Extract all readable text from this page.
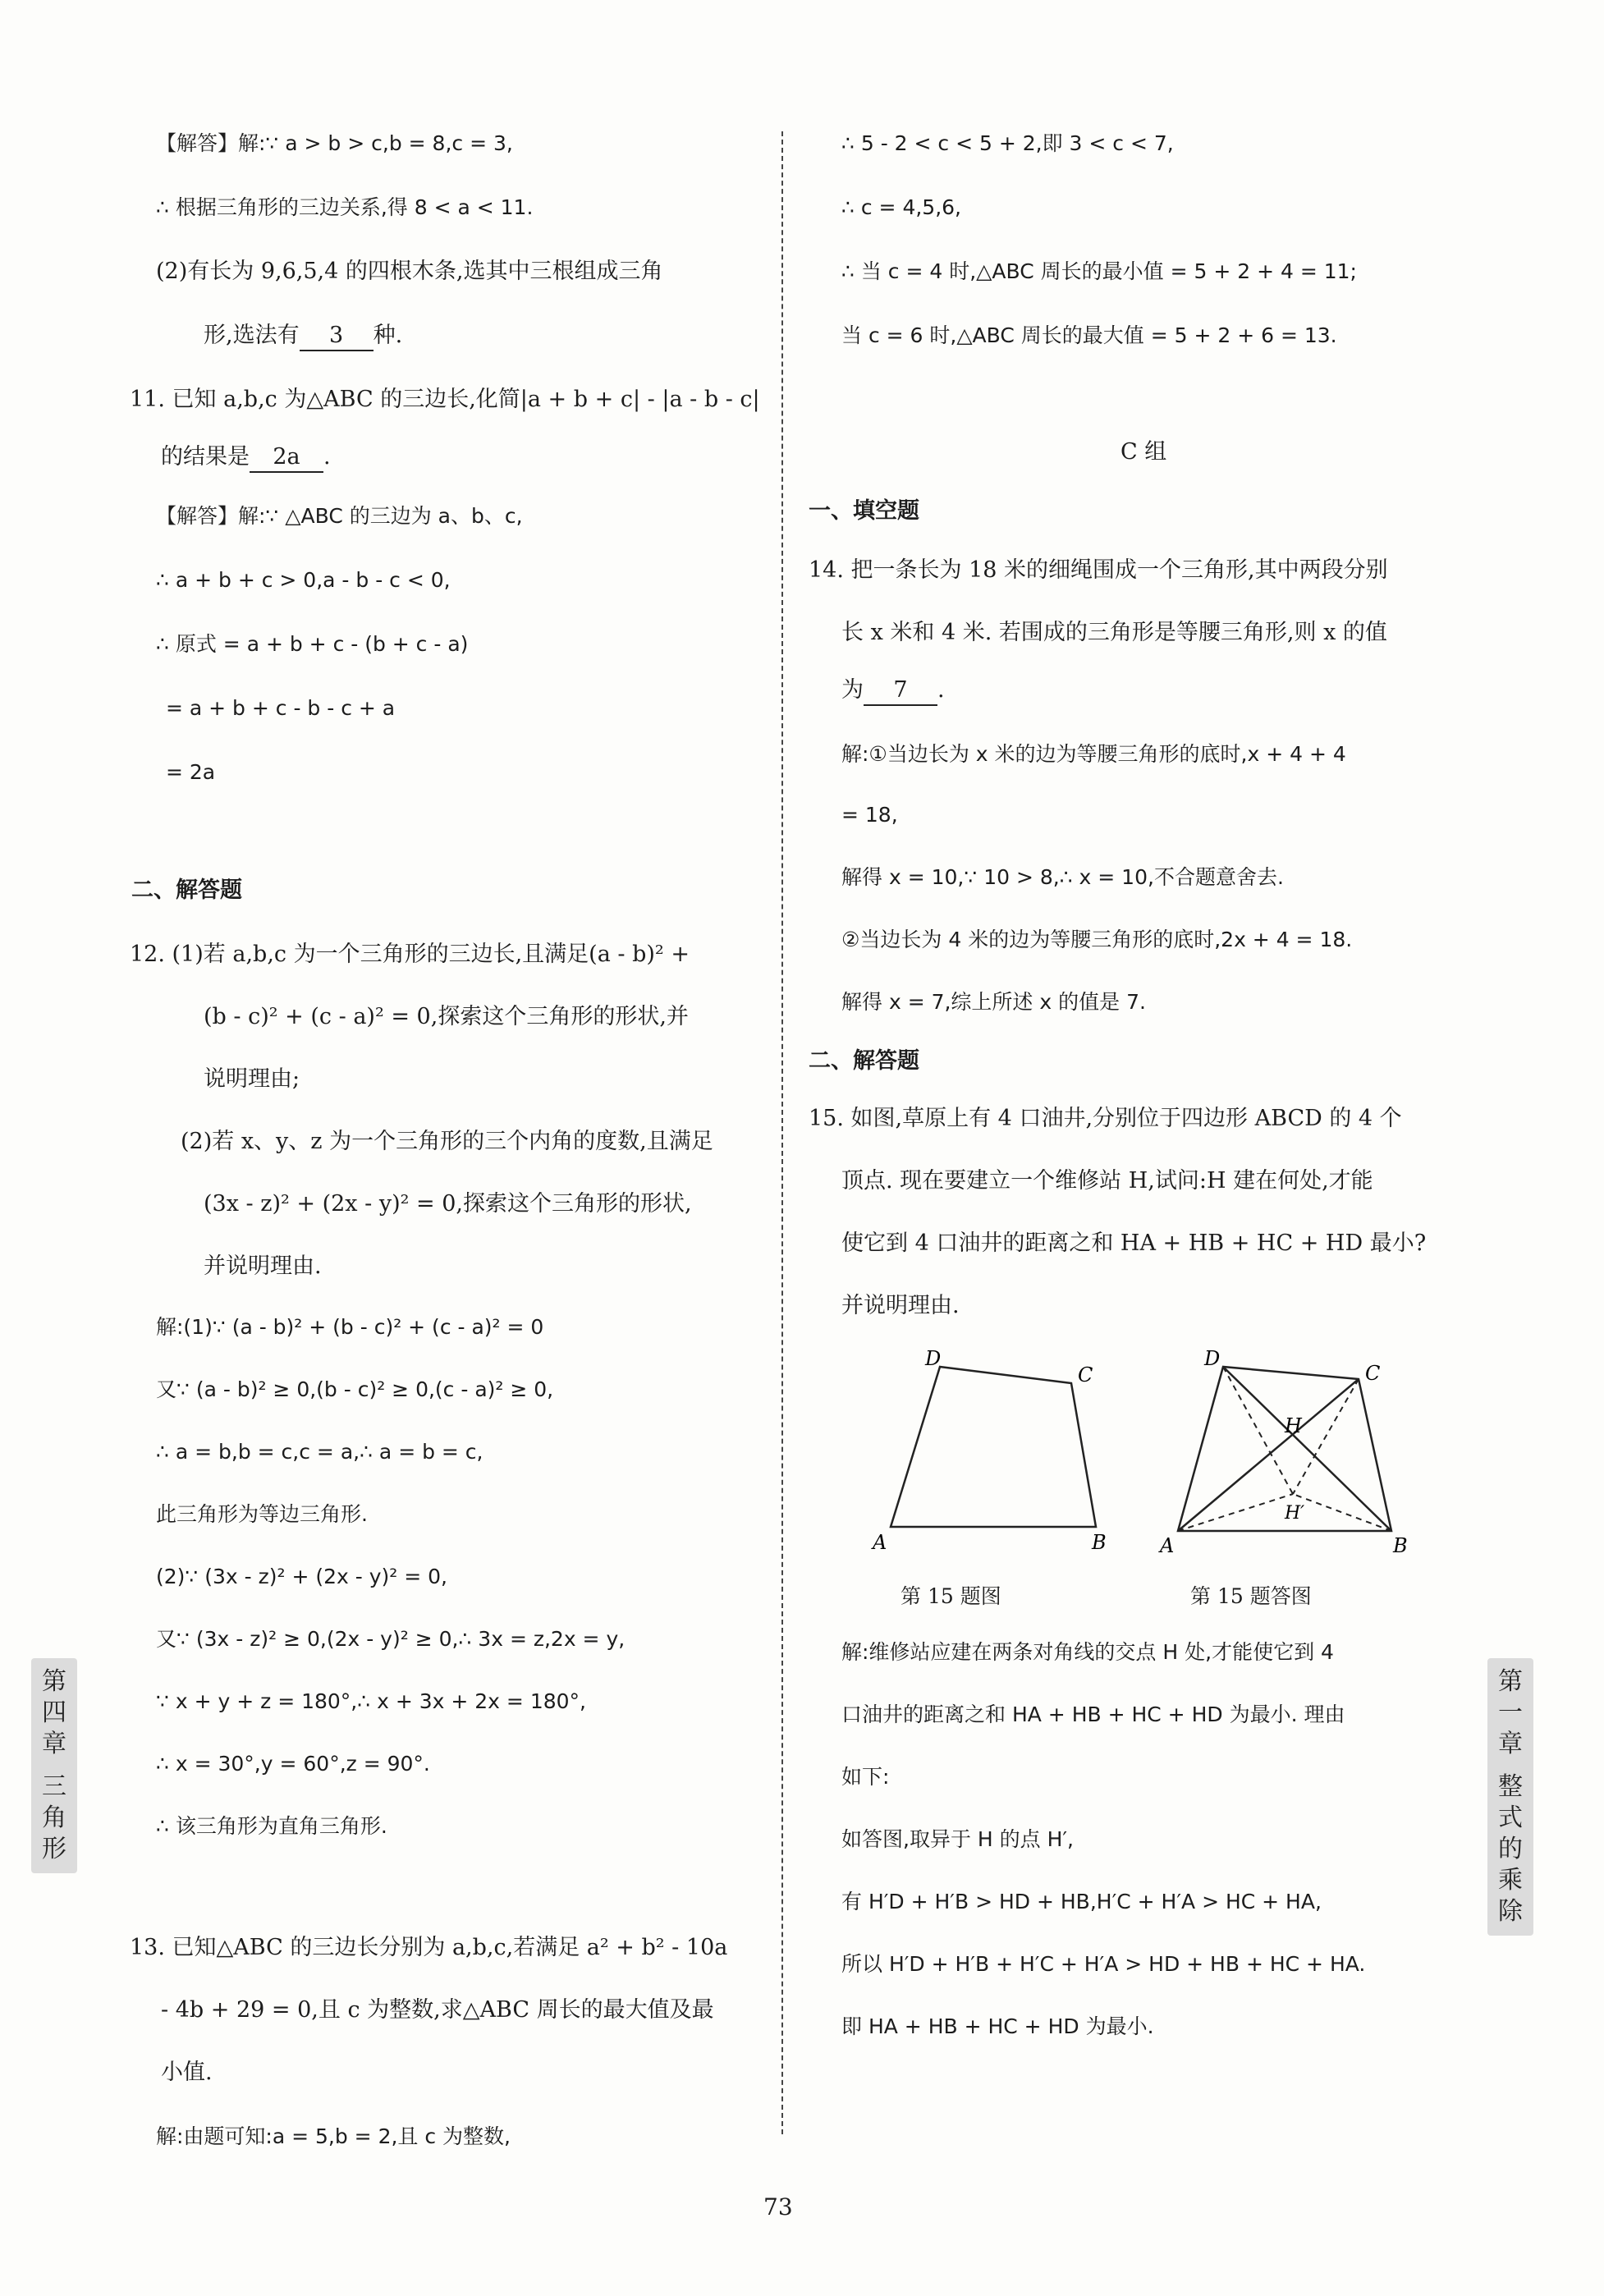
【解答】解:∵ a > b > c,b = 8,c = 3,
∴ 根据三角形的三边关系,得 8 < a < 11.
(2)有长为 9,6,5,4 的四根木条,选其中三根组成三角
形,选法有 3 种.
11. 已知 a,b,c 为△ABC 的三边长,化简|a + b + c| - |a - b - c|
的结果是 2a .
【解答】解:∵ △ABC 的三边为 a、b、c,
∴ a + b + c > 0,a - b - c < 0,
∴ 原式 = a + b + c - (b + c - a)
= a + b + c - b - c + a
= 2a
二、解答题
12. (1)若 a,b,c 为一个三角形的三边长,且满足(a - b)² +
(b - c)² + (c - a)² = 0,探索这个三角形的形状,并
说明理由;
(2)若 x、y、z 为一个三角形的三个内角的度数,且满足
(3x - z)² + (2x - y)² = 0,探索这个三角形的形状,
并说明理由.
解:(1)∵ (a - b)² + (b - c)² + (c - a)² = 0
又∵ (a - b)² ≥ 0,(b - c)² ≥ 0,(c - a)² ≥ 0,
∴ a = b,b = c,c = a,∴ a = b = c,
此三角形为等边三角形.
(2)∵ (3x - z)² + (2x - y)² = 0,
又∵ (3x - z)² ≥ 0,(2x - y)² ≥ 0,∴ 3x = z,2x = y,
∵ x + y + z = 180°,∴ x + 3x + 2x = 180°,
∴ x = 30°,y = 60°,z = 90°.
∴ 该三角形为直角三角形.
13. 已知△ABC 的三边长分别为 a,b,c,若满足 a² + b² - 10a
- 4b + 29 = 0,且 c 为整数,求△ABC 周长的最大值及最
小值.
解:由题可知:a = 5,b = 2,且 c 为整数,
∴ 5 - 2 < c < 5 + 2,即 3 < c < 7,
∴ c = 4,5,6,
∴ 当 c = 4 时,△ABC 周长的最小值 = 5 + 2 + 4 = 11;
当 c = 6 时,△ABC 周长的最大值 = 5 + 2 + 6 = 13.
C 组
一、填空题
14. 把一条长为 18 米的细绳围成一个三角形,其中两段分别
长 x 米和 4 米. 若围成的三角形是等腰三角形,则 x 的值
为 7 .
解:①当边长为 x 米的边为等腰三角形的底时,x + 4 + 4
= 18,
解得 x = 10,∵ 10 > 8,∴ x = 10,不合题意舍去.
②当边长为 4 米的边为等腰三角形的底时,2x + 4 = 18.
解得 x = 7,综上所述 x 的值是 7.
二、解答题
15. 如图,草原上有 4 口油井,分别位于四边形 ABCD 的 4 个
顶点. 现在要建立一个维修站 H,试问:H 建在何处,才能
使它到 4 口油井的距离之和 HA + HB + HC + HD 最小?
并说明理由.
A	B
C
D
第 15 题图
A	B
C
D
H
H′
第 15 题答图
解:维修站应建在两条对角线的交点 H 处,才能使它到 4
口油井的距离之和 HA + HB + HC + HD 为最小. 理由
如下:
如答图,取异于 H 的点 H′,
有 H′D + H′B > HD + HB,H′C + H′A > HC + HA,
所以 H′D + H′B + H′C + H′A > HD + HB + HC + HA.
即 HA + HB + HC + HD 为最小.
第
四
章
三
角
形
第
一
章
整
式
的
乘
除
73
